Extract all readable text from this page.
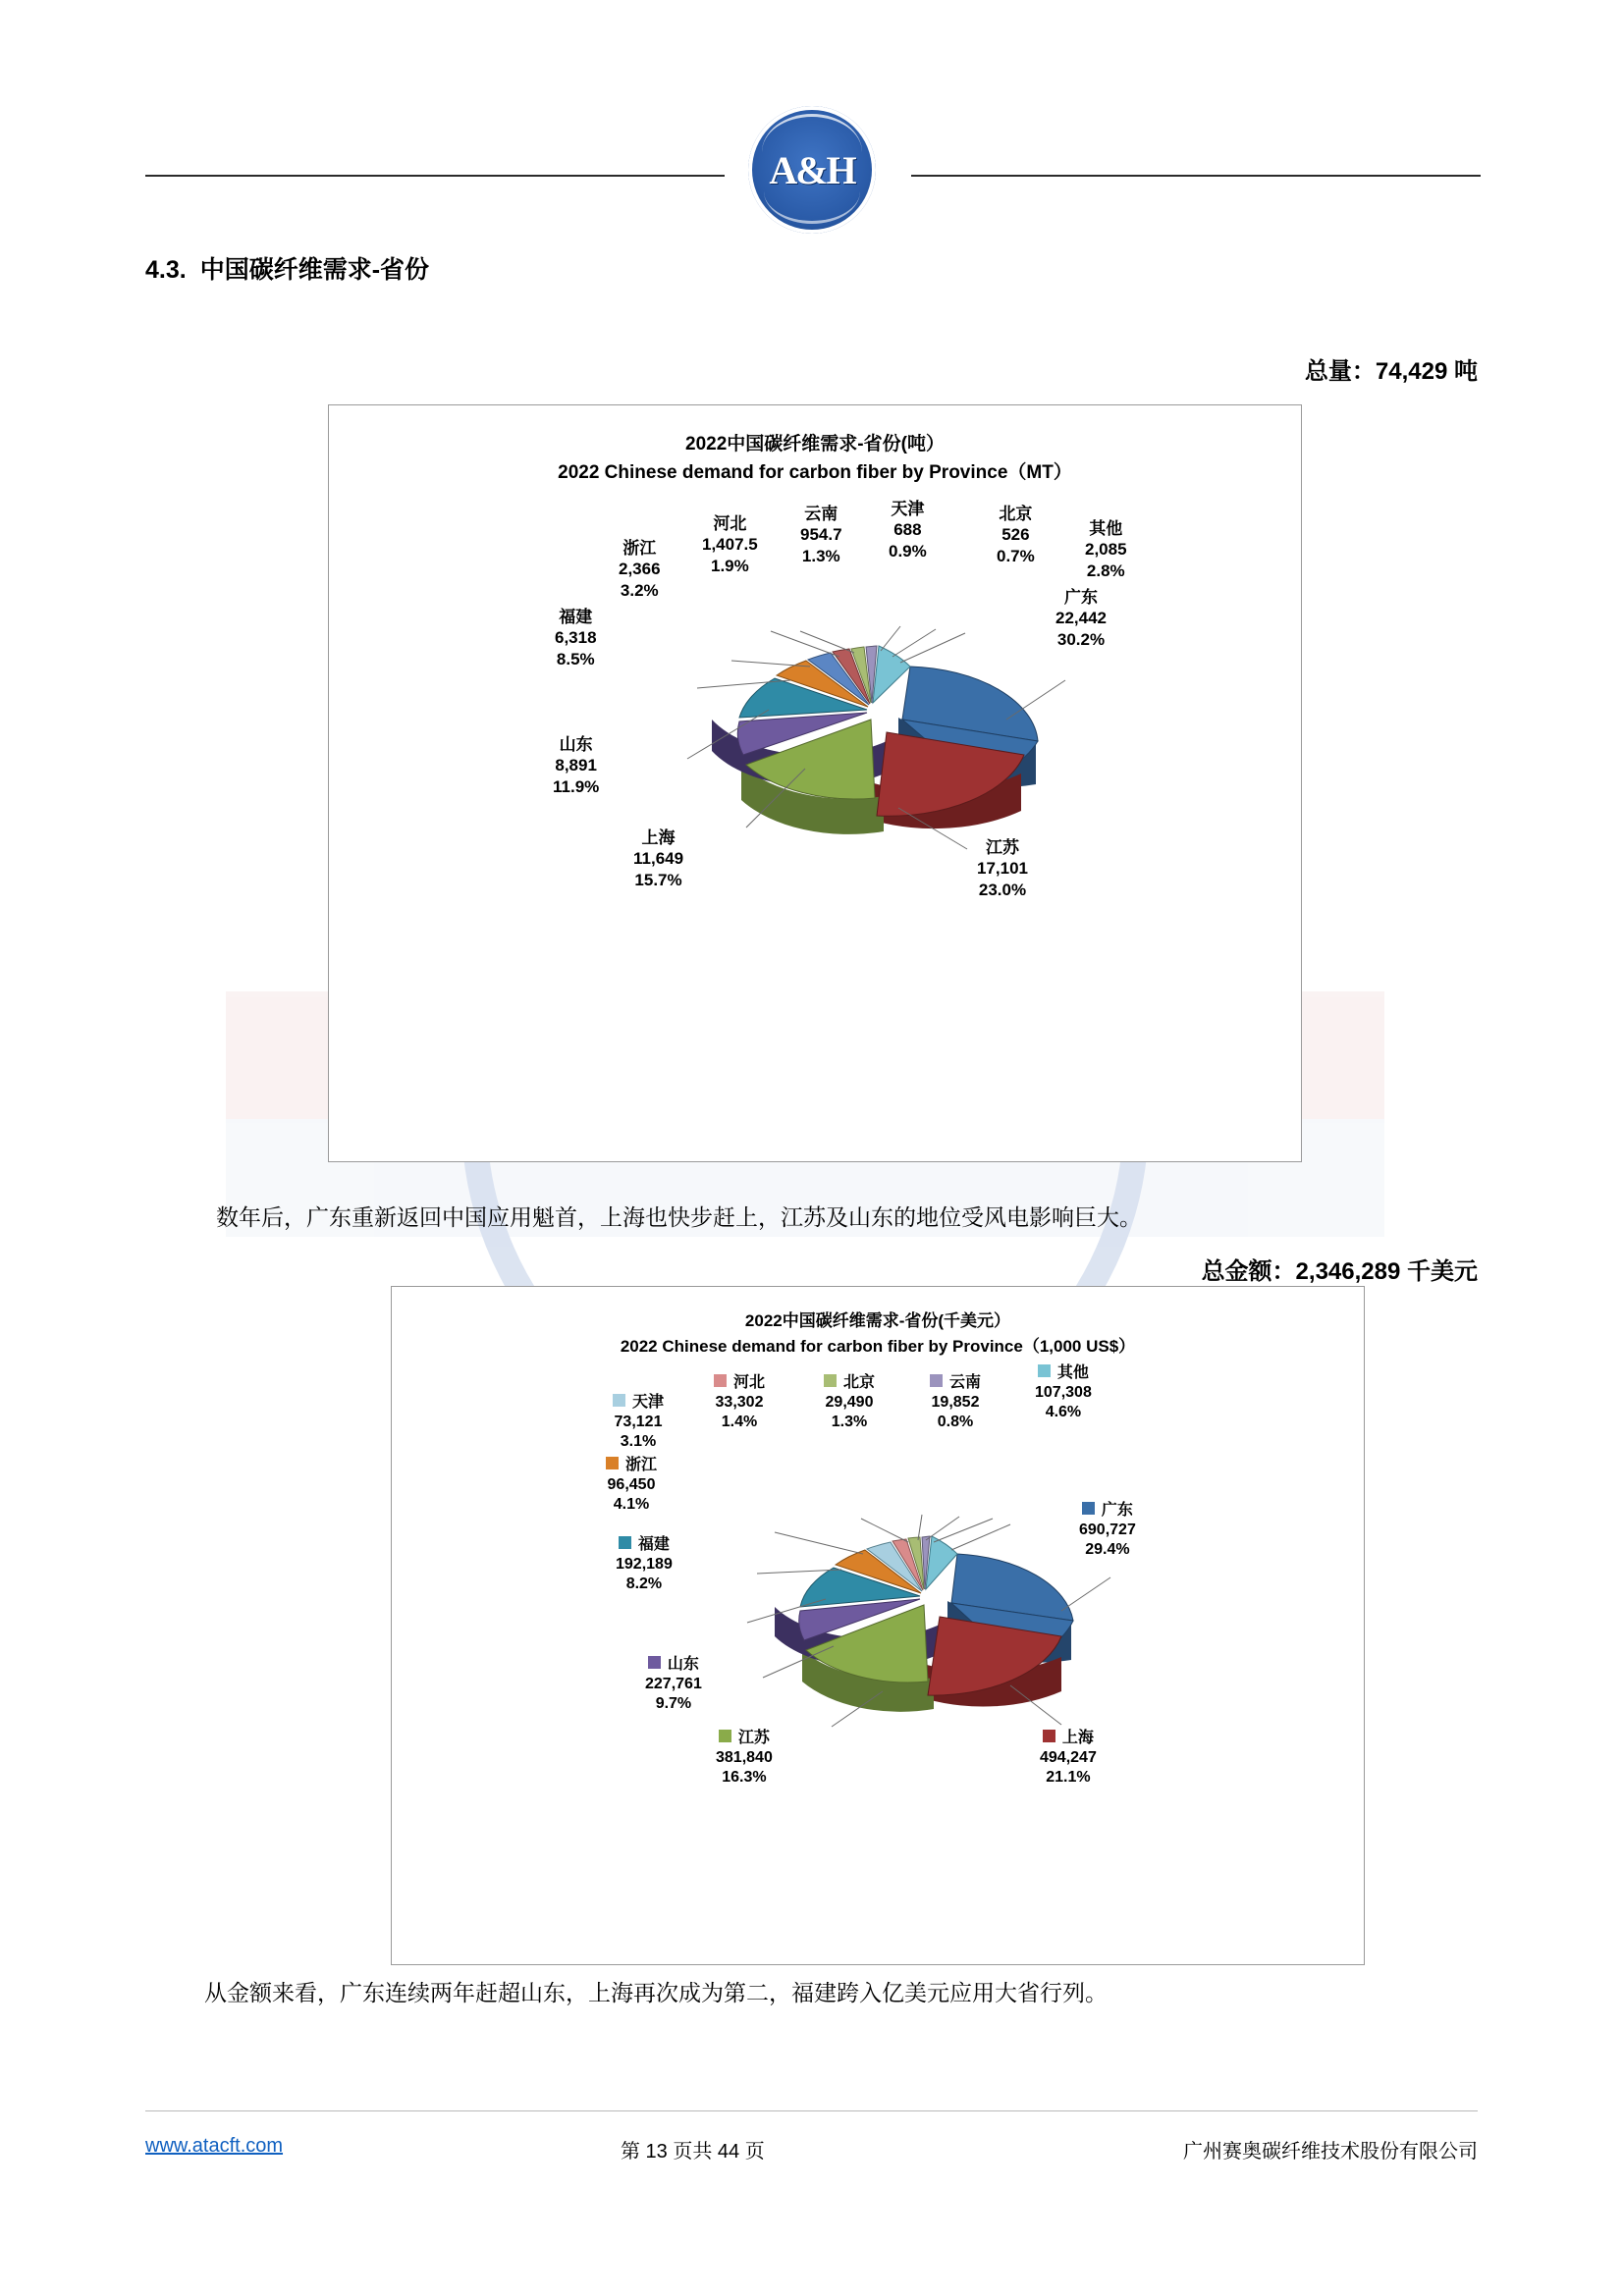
A&H
4.3. 中国碳纤维需求-省份
总量：74,429 吨
2022中国碳纤维需求-省份(吨）
2022 Chinese demand for carbon fiber by Province（MT）
河北
1,407.5
1.9%
云南
954.7
1.3%
天津
688
0.9%
北京
526
0.7%
其他
2,085
2.8%
浙江
2,366
3.2%
福建
6,318
8.5%
山东
8,891
11.9%
上海
11,649
15.7%
江苏
17,101
23.0%
广东
22,442
30.2%
数年后，广东重新返回中国应用魁首，上海也快步赶上，江苏及山东的地位受风电影响巨大。
总金额：2,346,289 千美元
2022中国碳纤维需求-省份(千美元）
2022 Chinese demand for carbon fiber by Province（1,000 US$）
河北
33,302
1.4%
北京
29,490
1.3%
云南
19,852
0.8%
其他
107,308
4.6%
天津
73,121
3.1%
浙江
96,450
4.1%
福建
192,189
8.2%
山东
227,761
9.7%
江苏
381,840
16.3%
上海
494,247
21.1%
广东
690,727
29.4%
从金额来看，广东连续两年赶超山东，上海再次成为第二，福建跨入亿美元应用大省行列。
www.atacft.com	第 13 页共 44 页	广州赛奥碳纤维技术股份有限公司
